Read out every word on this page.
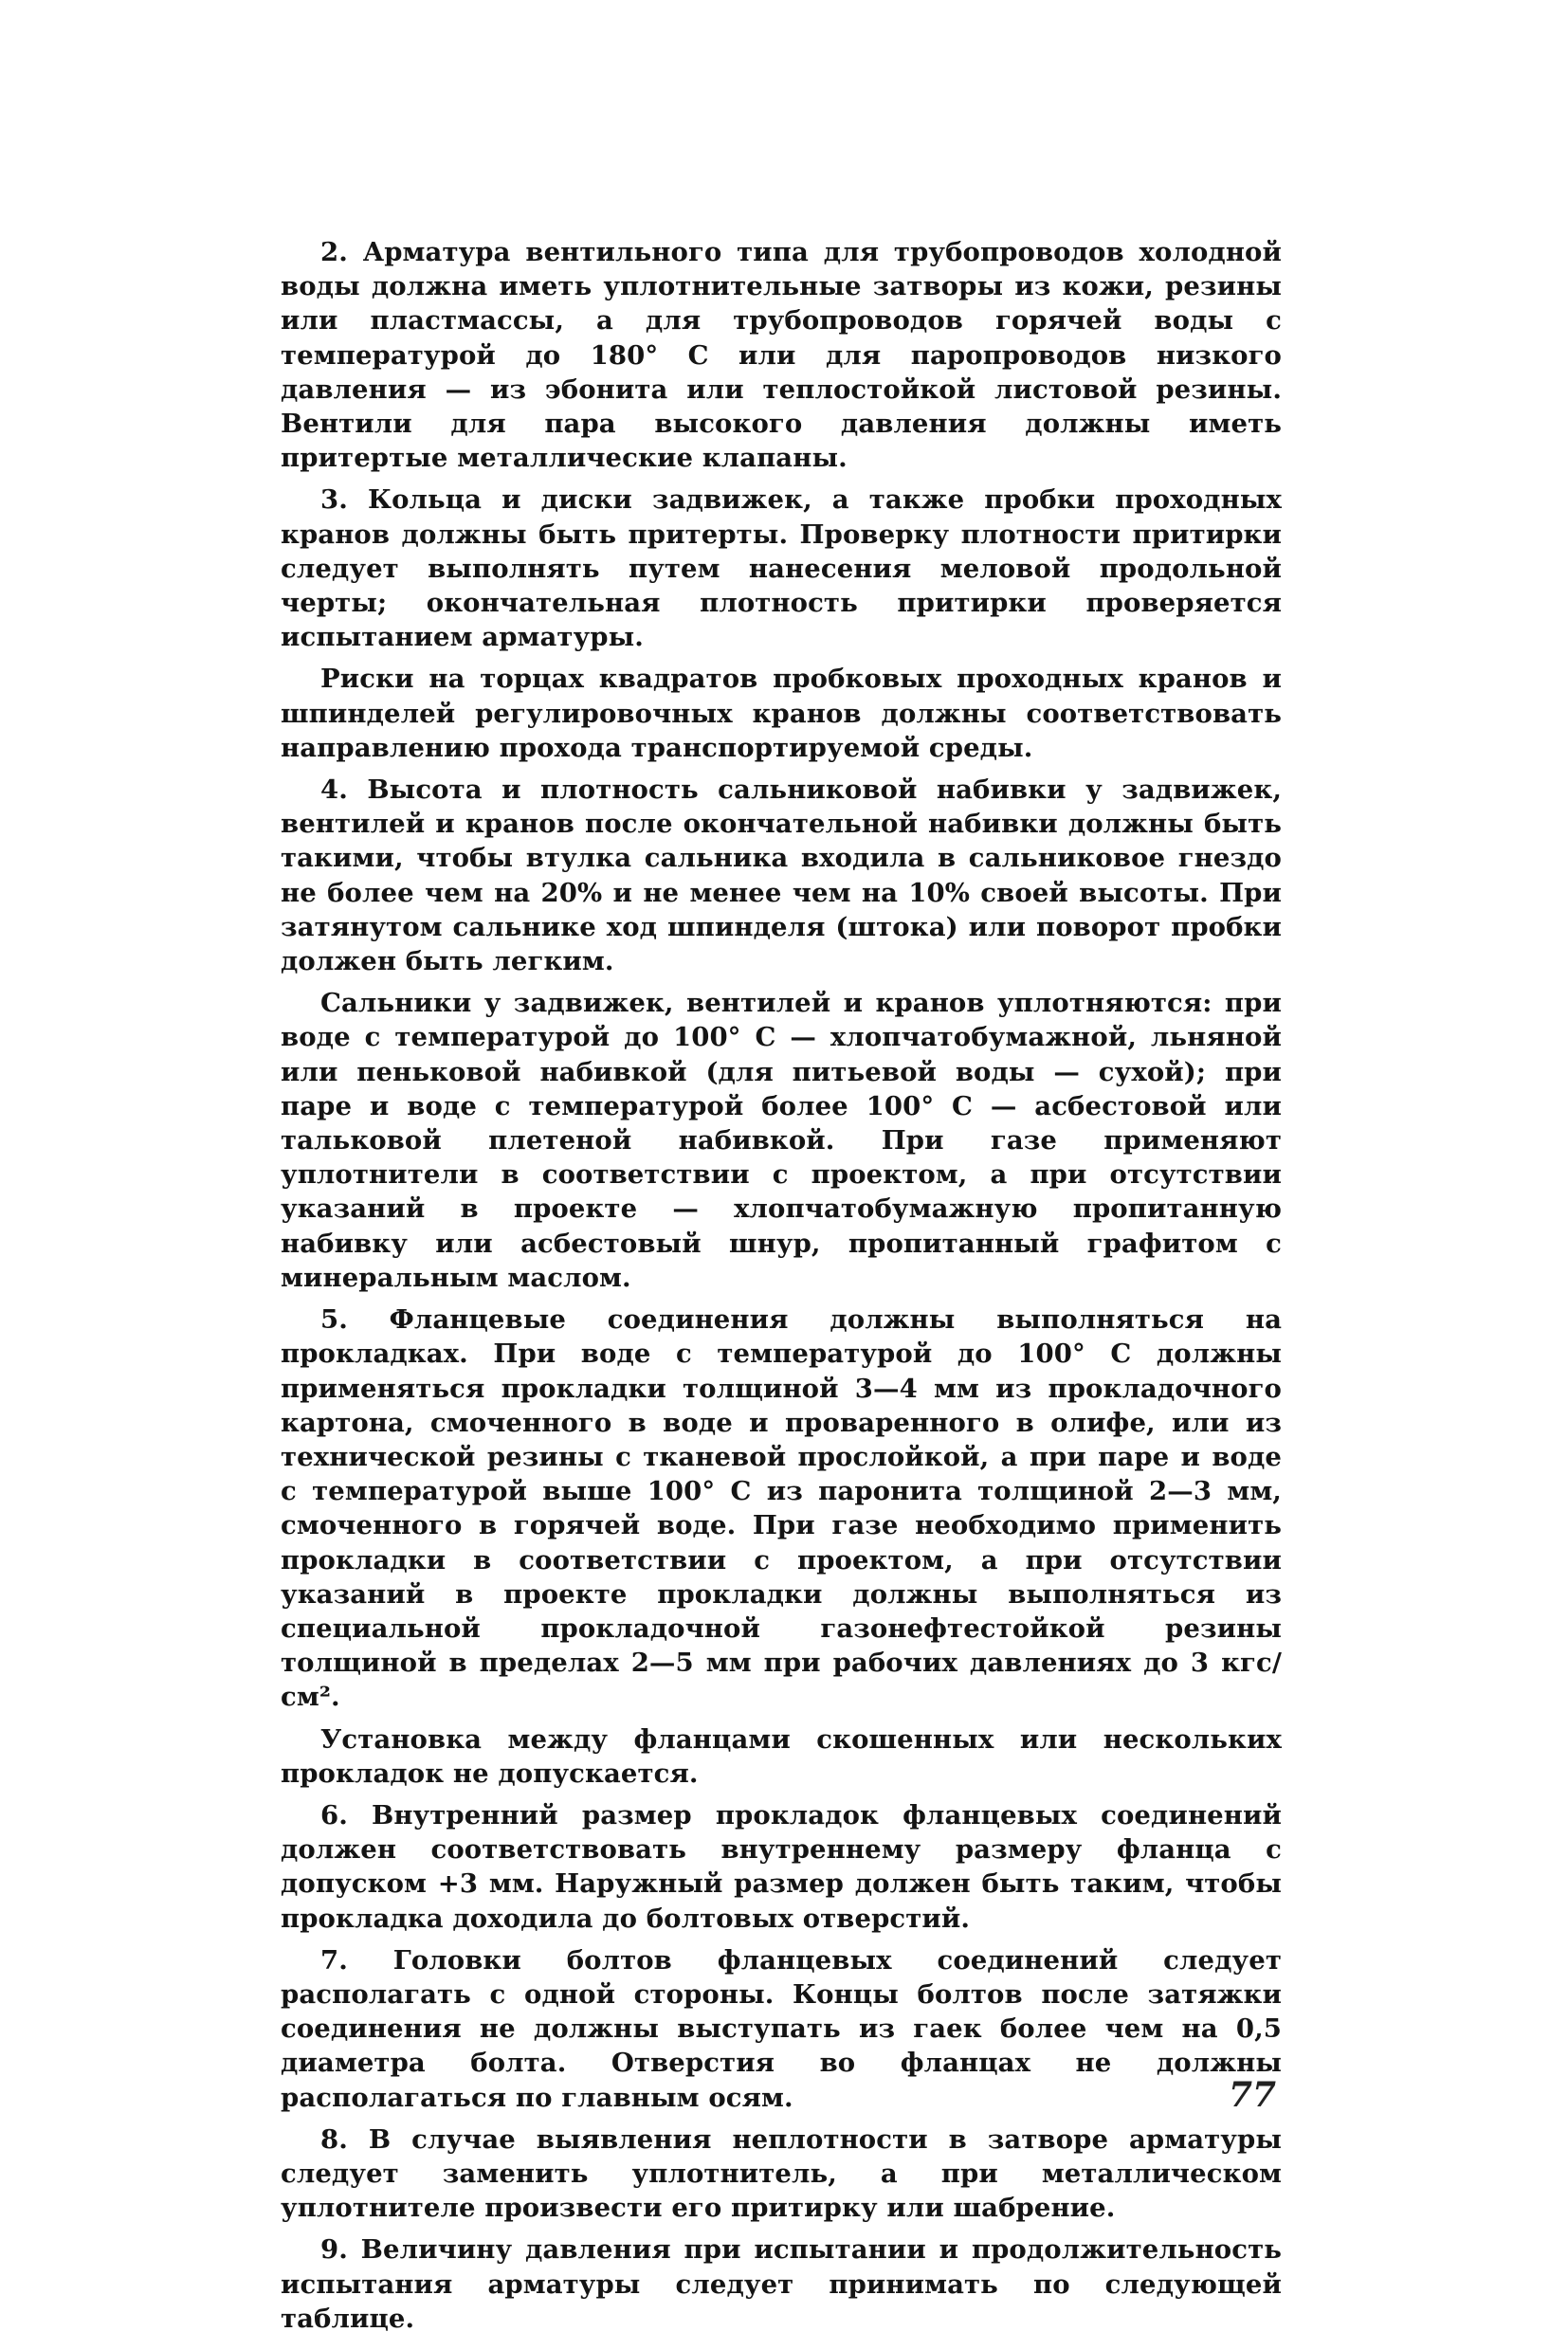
2. Арматура вентильного типа для трубопроводов холодной воды должна иметь уплотнительные затворы из кожи, резины или пластмассы, а для трубопроводов горячей воды с температурой до 180° С или для паропроводов низкого давления — из эбонита или теплостойкой листовой резины. Вентили для пара высокого давления должны иметь притертые металлические клапаны.

3. Кольца и диски задвижек, а также пробки проходных кранов должны быть притерты. Проверку плотности притирки следует выполнять путем нанесения меловой продольной черты; окончательная плотность притирки проверяется испытанием арматуры.

Риски на торцах квадратов пробковых проходных кранов и шпинделей регулировочных кранов должны соответствовать направлению прохода транспортируемой среды.

4. Высота и плотность сальниковой набивки у задвижек, вентилей и кранов после окончательной набивки должны быть такими, чтобы втулка сальника входила в сальниковое гнездо не более чем на 20% и не менее чем на 10% своей высоты. При затянутом сальнике ход шпинделя (штока) или поворот пробки должен быть легким.

Сальники у задвижек, вентилей и кранов уплотняются: при воде с температурой до 100° С — хлопчатобумажной, льняной или пеньковой набивкой (для питьевой воды — сухой); при паре и воде с температурой более 100° С — асбестовой или тальковой плетеной набивкой. При газе применяют уплотнители в соответствии с проектом, а при отсутствии указаний в проекте — хлопчатобумажную пропитанную набивку или асбестовый шнур, пропитанный графитом с минеральным маслом.

5. Фланцевые соединения должны выполняться на прокладках. При воде с температурой до 100° С должны применяться прокладки толщиной 3—4 мм из прокладочного картона, смоченного в воде и проваренного в олифе, или из технической резины с тканевой прослойкой, а при паре и воде с температурой выше 100° С из паронита толщиной 2—3 мм, смоченного в горячей воде. При газе необходимо применить прокладки в соответствии с проектом, а при отсутствии указаний в проекте прокладки должны выполняться из специальной прокладочной газонефтестойкой резины толщиной в пределах 2—5 мм при рабочих давлениях до 3 кгс/см².

Установка между фланцами скошенных или нескольких прокладок не допускается.

6. Внутренний размер прокладок фланцевых соединений должен соответствовать внутреннему размеру фланца с допуском +3 мм. Наружный размер должен быть таким, чтобы прокладка доходила до болтовых отверстий.

7. Головки болтов фланцевых соединений следует располагать с одной стороны. Концы болтов после затяжки соединения не должны выступать из гаек более чем на 0,5 диаметра болта. Отверстия во фланцах не должны располагаться по главным осям.

8. В случае выявления неплотности в затворе арматуры следует заменить уплотнитель, а при металлическом уплотнителе произвести его притирку или шабрение.

9. Величину давления при испытании и продолжительность испытания арматуры следует принимать по следующей таблице.

77
